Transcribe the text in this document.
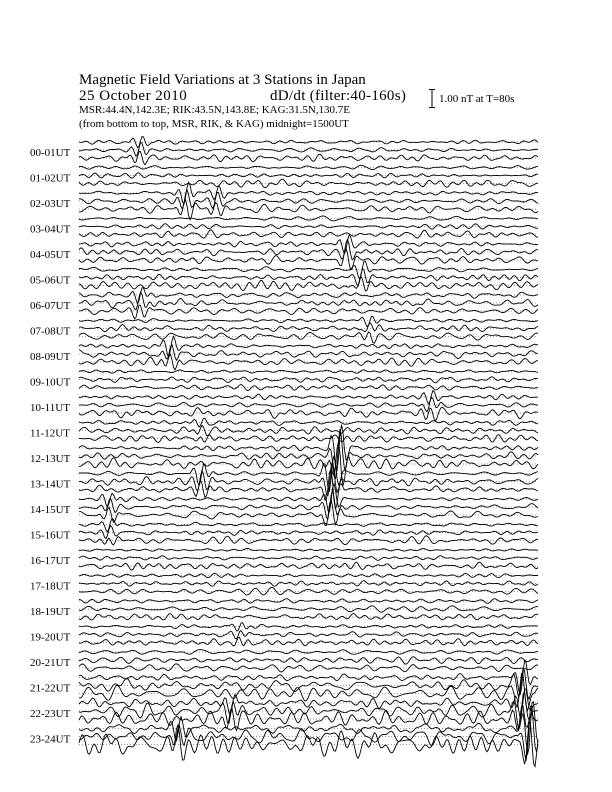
00-01UT
01-02UT
02-03UT
03-04UT
04-05UT
05-06UT
06-07UT
07-08UT
08-09UT
09-10UT
10-11UT
11-12UT
12-13UT
13-14UT
14-15UT
15-16UT
16-17UT
17-18UT
18-19UT
19-20UT
20-21UT
21-22UT
22-23UT
23-24UT
Magnetic Field Variations at 3 Stations in Japan
25 October 2010	dD/dt (filter:40-160s)
MSR:44.4N,142.3E; RIK:43.5N,143.8E; KAG:31.5N,130.7E
(from bottom to top, MSR, RIK, & KAG) midnight=1500UT
1.00 nT at T=80s
